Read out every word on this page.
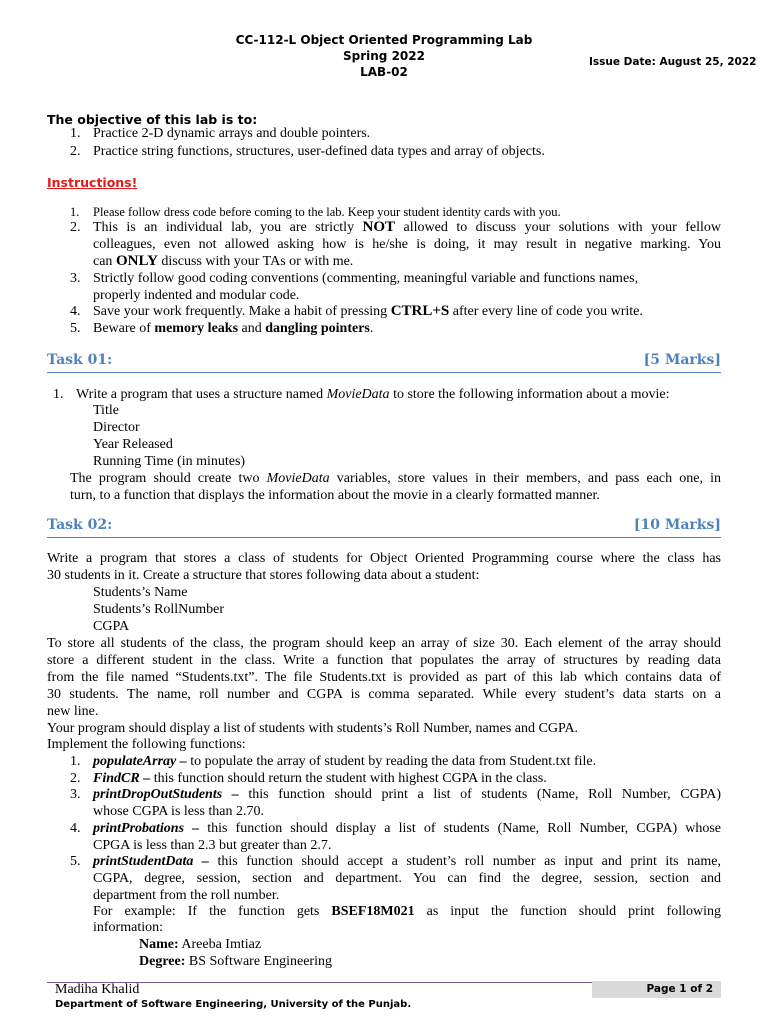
CC-112-L Object Oriented Programming Lab
Spring 2022
LAB-02
Issue Date: August 25, 2022
The objective of this lab is to:
1. Practice 2-D dynamic arrays and double pointers.
2. Practice string functions, structures, user-defined data types and array of objects.
Instructions!
1. Please follow dress code before coming to the lab. Keep your student identity cards with you.
2. This is an individual lab, you are strictly NOT allowed to discuss your solutions with your fellow
colleagues, even not allowed asking how is he/she is doing, it may result in negative marking. You
can ONLY discuss with your TAs or with me.
3. Strictly follow good coding conventions (commenting, meaningful variable and functions names,
properly indented and modular code.
4. Save your work frequently. Make a habit of pressing CTRL+S after every line of code you write.
5. Beware of memory leaks and dangling pointers.
Task 01:	[5 Marks]
1. Write a program that uses a structure named MovieData to store the following information about a movie:
Title
Director
Year Released
Running Time (in minutes)
The program should create two MovieData variables, store values in their members, and pass each one, in
turn, to a function that displays the information about the movie in a clearly formatted manner.
Task 02:	[10 Marks]
Write a program that stores a class of students for Object Oriented Programming course where the class has
30 students in it. Create a structure that stores following data about a student:
Students’s Name
Students’s RollNumber
CGPA
To store all students of the class, the program should keep an array of size 30. Each element of the array should
store a different student in the class. Write a function that populates the array of structures by reading data
from the file named “Students.txt”. The file Students.txt is provided as part of this lab which contains data of
30 students. The name, roll number and CGPA is comma separated. While every student’s data starts on a
new line.
Your program should display a list of students with students’s Roll Number, names and CGPA.
Implement the following functions:
1. populateArray – to populate the array of student by reading the data from Student.txt file.
2. FindCR – this function should return the student with highest CGPA in the class.
3. printDropOutStudents – this function should print a list of students (Name, Roll Number, CGPA)
whose CGPA is less than 2.70.
4. printProbations – this function should display a list of students (Name, Roll Number, CGPA) whose
CPGA is less than 2.3 but greater than 2.7.
5. printStudentData – this function should accept a student’s roll number as input and print its name,
CGPA, degree, session, section and department. You can find the degree, session, section and
department from the roll number.
For example: If the function gets BSEF18M021 as input the function should print following
information:
Name: Areeba Imtiaz
Degree: BS Software Engineering
Madiha Khalid	Page 1 of 2
Department of Software Engineering, University of the Punjab.
